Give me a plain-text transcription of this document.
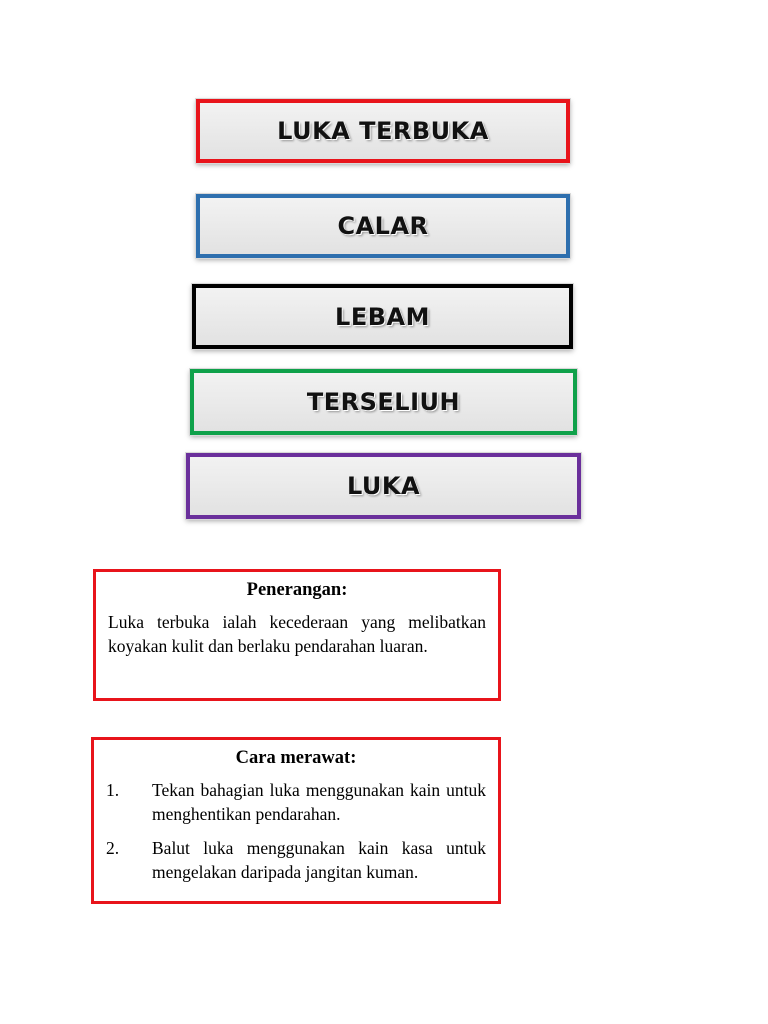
LUKA TERBUKA
CALAR
LEBAM
TERSELIUH
LUKA
Penerangan:
Luka terbuka ialah kecederaan yang melibatkan koyakan kulit dan berlaku pendarahan luaran.
Cara merawat:
1.	Tekan bahagian luka menggunakan kain untuk menghentikan pendarahan.
2.	Balut luka menggunakan kain kasa untuk mengelakan daripada jangitan kuman.
